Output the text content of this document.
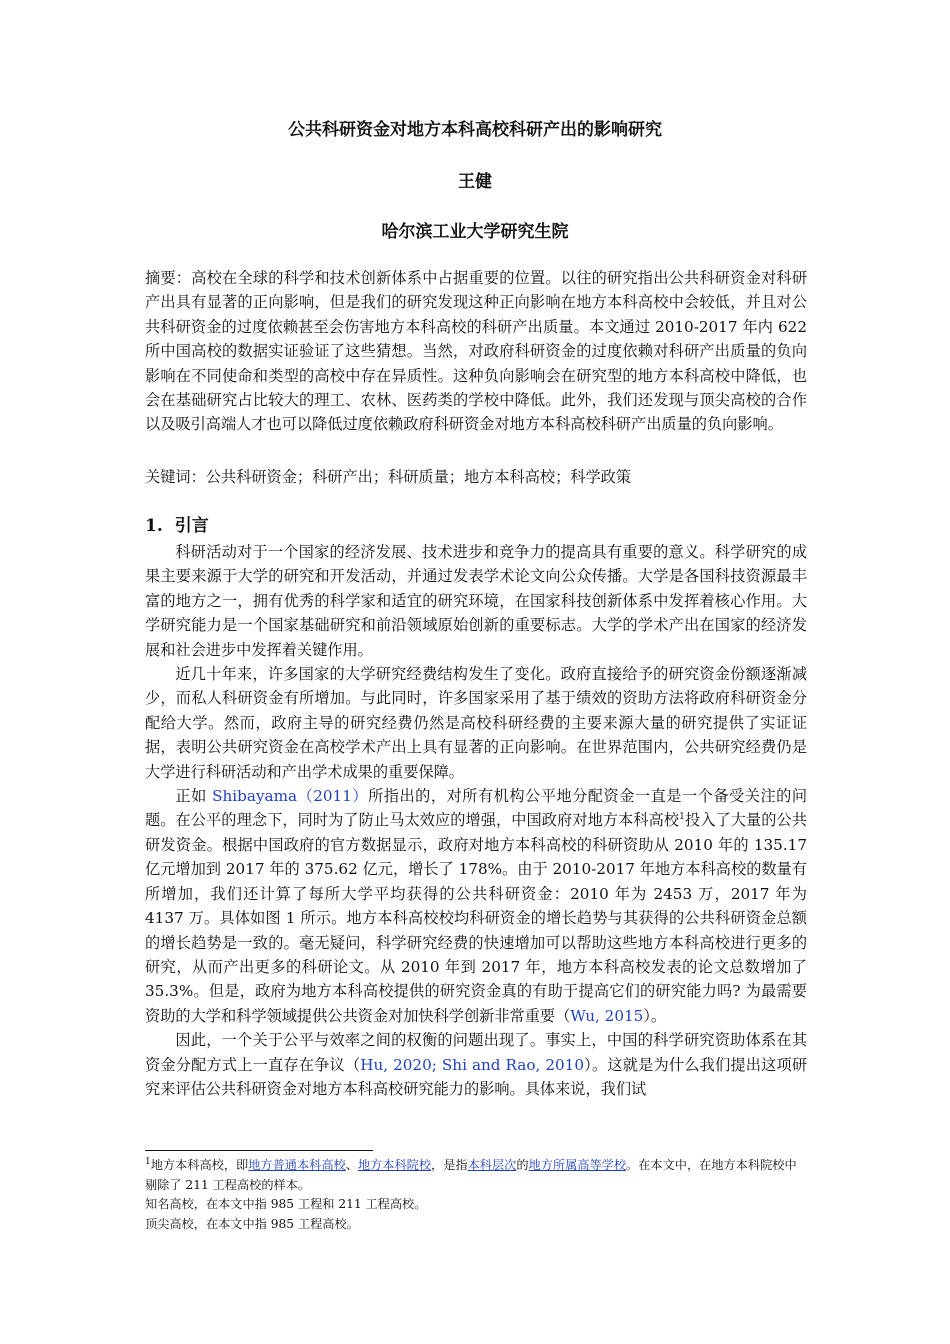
公共科研资金对地方本科高校科研产出的影响研究
王健
哈尔滨工业大学研究生院
摘要：高校在全球的科学和技术创新体系中占据重要的位置。以往的研究指出公共科研资金对科研产出具有显著的正向影响，但是我们的研究发现这种正向影响在地方本科高校中会较低，并且对公共科研资金的过度依赖甚至会伤害地方本科高校的科研产出质量。本文通过 2010-2017 年内 622 所中国高校的数据实证验证了这些猜想。当然，对政府科研资金的过度依赖对科研产出质量的负向影响在不同使命和类型的高校中存在异质性。这种负向影响会在研究型的地方本科高校中降低，也会在基础研究占比较大的理工、农林、医药类的学校中降低。此外，我们还发现与顶尖高校的合作以及吸引高端人才也可以降低过度依赖政府科研资金对地方本科高校科研产出质量的负向影响。
关键词：公共科研资金；科研产出；科研质量；地方本科高校；科学政策
1. 引言

科研活动对于一个国家的经济发展、技术进步和竞争力的提高具有重要的意义。科学研究的成果主要来源于大学的研究和开发活动，并通过发表学术论文向公众传播。大学是各国科技资源最丰富的地方之一，拥有优秀的科学家和适宜的研究环境，在国家科技创新体系中发挥着核心作用。大学研究能力是一个国家基础研究和前沿领域原始创新的重要标志。大学的学术产出在国家的经济发展和社会进步中发挥着关键作用。

近几十年来，许多国家的大学研究经费结构发生了变化。政府直接给予的研究资金份额逐渐减少，而私人科研资金有所增加。与此同时，许多国家采用了基于绩效的资助方法将政府科研资金分配给大学。然而，政府主导的研究经费仍然是高校科研经费的主要来源大量的研究提供了实证证据，表明公共研究资金在高校学术产出上具有显著的正向影响。在世界范围内，公共研究经费仍是大学进行科研活动和产出学术成果的重要保障。

正如 Shibayama（2011）所指出的，对所有机构公平地分配资金一直是一个备受关注的问题。在公平的理念下，同时为了防止马太效应的增强，中国政府对地方本科高校$^1$投入了大量的公共研发资金。根据中国政府的官方数据显示，政府对地方本科高校的科研资助从 2010 年的 135.17 亿元增加到 2017 年的 375.62 亿元，增长了 178%。由于 2010-2017 年地方本科高校的数量有所增加，我们还计算了每所大学平均获得的公共科研资金：2010 年为 2453 万，2017 年为 4137 万。具体如图 1 所示。地方本科高校校均科研资金的增长趋势与其获得的公共科研资金总额的增长趋势是一致的。毫无疑问，科学研究经费的快速增加可以帮助这些地方本科高校进行更多的研究，从而产出更多的科研论文。从 2010 年到 2017 年，地方本科高校发表的论文总数增加了 35.3%。但是，政府为地方本科高校提供的研究资金真的有助于提高它们的研究能力吗? 为最需要资助的大学和科学领域提供公共资金对加快科学创新非常重要（Wu, 2015）。

因此，一个关于公平与效率之间的权衡的问题出现了。事实上，中国的科学研究资助体系在其资金分配方式上一直存在争议（Hu, 2020; Shi and Rao, 2010）。这就是为什么我们提出这项研究来评估公共科研资金对地方本科高校研究能力的影响。具体来说，我们试

$^1$地方本科高校，即地方普通本科高校、地方本科院校，是指本科层次的地方所属高等学校。在本文中，在地方本科院校中剔除了 211 工程高校的样本。

知名高校，在本文中指 985 工程和 211 工程高校。

顶尖高校，在本文中指 985 工程高校。
